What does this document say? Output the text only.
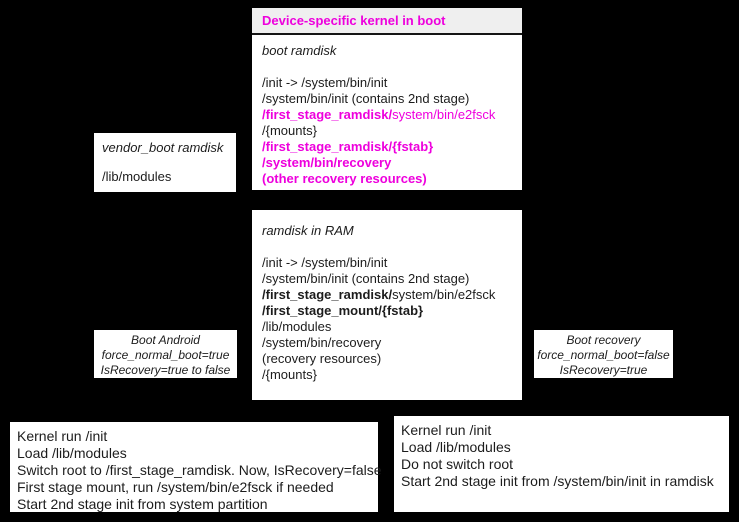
Device-specific kernel in boot
boot ramdisk
/init -> /system/bin/init
/system/bin/init (contains 2nd stage)
/first_stage_ramdisk/system/bin/e2fsck
/{mounts}
/first_stage_ramdisk/{fstab}
/system/bin/recovery
(other recovery resources)
vendor_boot ramdisk
/lib/modules
ramdisk in RAM
/init -> /system/bin/init
/system/bin/init (contains 2nd stage)
/first_stage_ramdisk/system/bin/e2fsck
/first_stage_mount/{fstab}
/lib/modules
/system/bin/recovery
(recovery resources)
/{mounts}
Boot Android
force_normal_boot=true
IsRecovery=true to false
Boot recovery
force_normal_boot=false
IsRecovery=true
Kernel run /init
Load /lib/modules
Switch root to /first_stage_ramdisk. Now, IsRecovery=false
First stage mount, run /system/bin/e2fsck if needed
Start 2nd stage init from system partition
Kernel run /init
Load /lib/modules
Do not switch root
Start 2nd stage init from /system/bin/init in ramdisk
